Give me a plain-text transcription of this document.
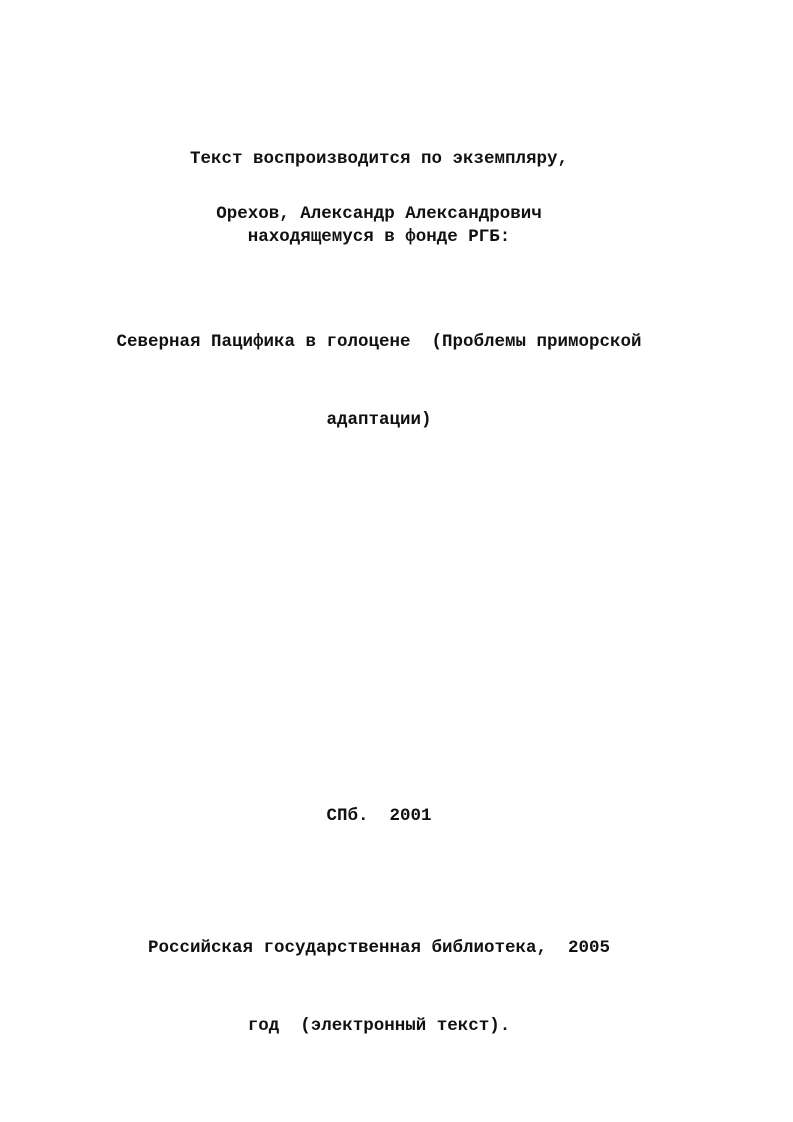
Текст воспроизводится по экземпляру,

находящемуся в фонде РГБ:

Орехов, Александр Александрович

Северная Пацифика в голоцене  (Проблемы приморской

адаптации)

СПб.  2001

Российская государственная библиотека,  2005

год  (электронный текст).
